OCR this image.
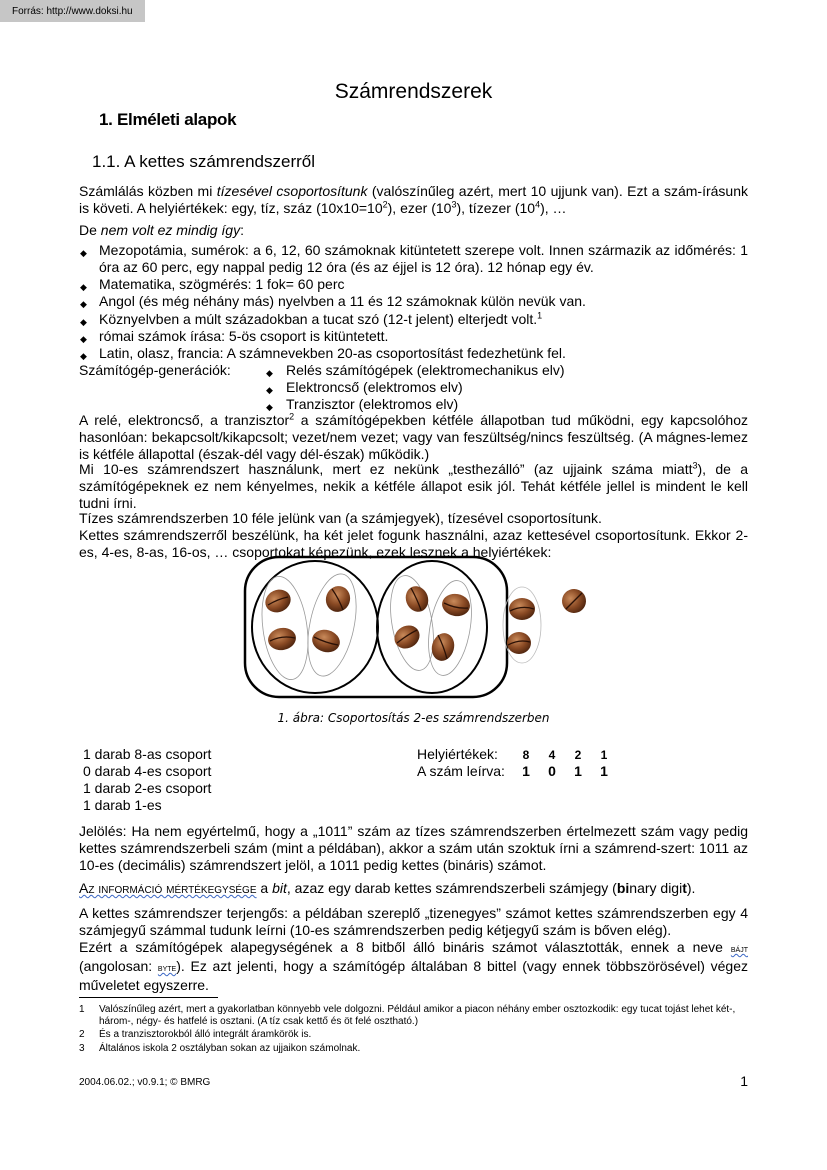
Forrás: http://www.doksi.hu
Számrendszerek
1. Elméleti alapok
1.1. A kettes számrendszerről
Számlálás közben mi tízesével csoportosítunk (valószínűleg azért, mert 10 ujjunk van). Ezt a szám-írásunk is követi. A helyiértékek: egy, tíz, száz $(10x10=10^2)$, ezer $(10^3)$, tízezer $(10^4)$, …
De nem volt ez mindig így:
◆ Mezopotámia, sumérok: a 6, 12, 60 számoknak kitüntetett szerepe volt. Innen származik az időmérés: 1 óra az 60 perc, egy nappal pedig 12 óra (és az éjjel is 12 óra). 12 hónap egy év.
◆ Matematika, szögmérés: 1 fok= 60 perc
◆ Angol (és még néhány más) nyelvben a 11 és 12 számoknak külön nevük van.
◆ Köznyelvben a múlt századokban a tucat szó (12-t jelent) elterjedt volt.$^1$
◆ római számok írása: 5-ös csoport is kitüntetett.
◆ Latin, olasz, francia: A számnevekben 20-as csoportosítást fedezhetünk fel.
Számítógép-generációk:	◆ Relés számítógépek (elektromechanikus elv)
◆ Elektroncső (elektromos elv)
◆ Tranzisztor (elektromos elv)
A relé, elektroncső, a tranzisztor$^2$ a számítógépekben kétféle állapotban tud működni, egy kapcsolóhoz hasonlóan: bekapcsolt/kikapcsolt; vezet/nem vezet; vagy van feszültség/nincs feszültség. (A mágnes-lemez is kétféle állapottal (észak-dél vagy dél-észak) működik.)
Mi 10-es számrendszert használunk, mert ez nekünk „testhezálló” (az ujjaink száma miatt$^3$), de a számítógépeknek ez nem kényelmes, nekik a kétféle állapot esik jól. Tehát kétféle jellel is mindent le kell tudni írni.
Tízes számrendszerben 10 féle jelünk van (a számjegyek), tízesével csoportosítunk.
Kettes számrendszerről beszélünk, ha két jelet fogunk használni, azaz kettesével csoportosítunk. Ekkor 2-es, 4-es, 8-as, 16-os, … csoportokat képezünk, ezek lesznek a helyiértékek:
1. ábra: Csoportosítás 2-es számrendszerben
1 darab 8-as csoport
0 darab 4-es csoport
1 darab 2-es csoport
1 darab 1-es
Helyiértékek: 8 4 2 1
A szám leírva: 1 0 1 1
Jelölés: Ha nem egyértelmű, hogy a „1011” szám az tízes számrendszerben értelmezett szám vagy pedig kettes számrendszerbeli szám (mint a példában), akkor a szám után szoktuk írni a számrend-szert: 1011 az 10-es (decimális) számrendszert jelöl, a 1011 pedig kettes (bináris) számot.
Az információ mértékegysége a bit, azaz egy darab kettes számrendszerbeli számjegy (binary digit).
A kettes számrendszer terjengős: a példában szereplő „tizenegyes” számot kettes számrendszerben egy 4 számjegyű számmal tudunk leírni (10-es számrendszerben pedig kétjegyű szám is bőven elég).
Ezért a számítógépek alapegységének a 8 bitből álló bináris számot választották, ennek a neve bájt (angolosan: byte). Ez azt jelenti, hogy a számítógép általában 8 bittel (vagy ennek többszörösével) végez műveletet egyszerre.
1 Valószínűleg azért, mert a gyakorlatban könnyebb vele dolgozni. Például amikor a piacon néhány ember osztozkodik: egy tucat tojást lehet két-, három-, négy- és hatfelé is osztani. (A tíz csak kettő és öt felé osztható.)
2 És a tranzisztorokból álló integrált áramkörök is.
3 Általános iskola 2 osztályban sokan az ujjaikon számolnak.
2004.06.02.; v0.9.1; © BMRG	1
